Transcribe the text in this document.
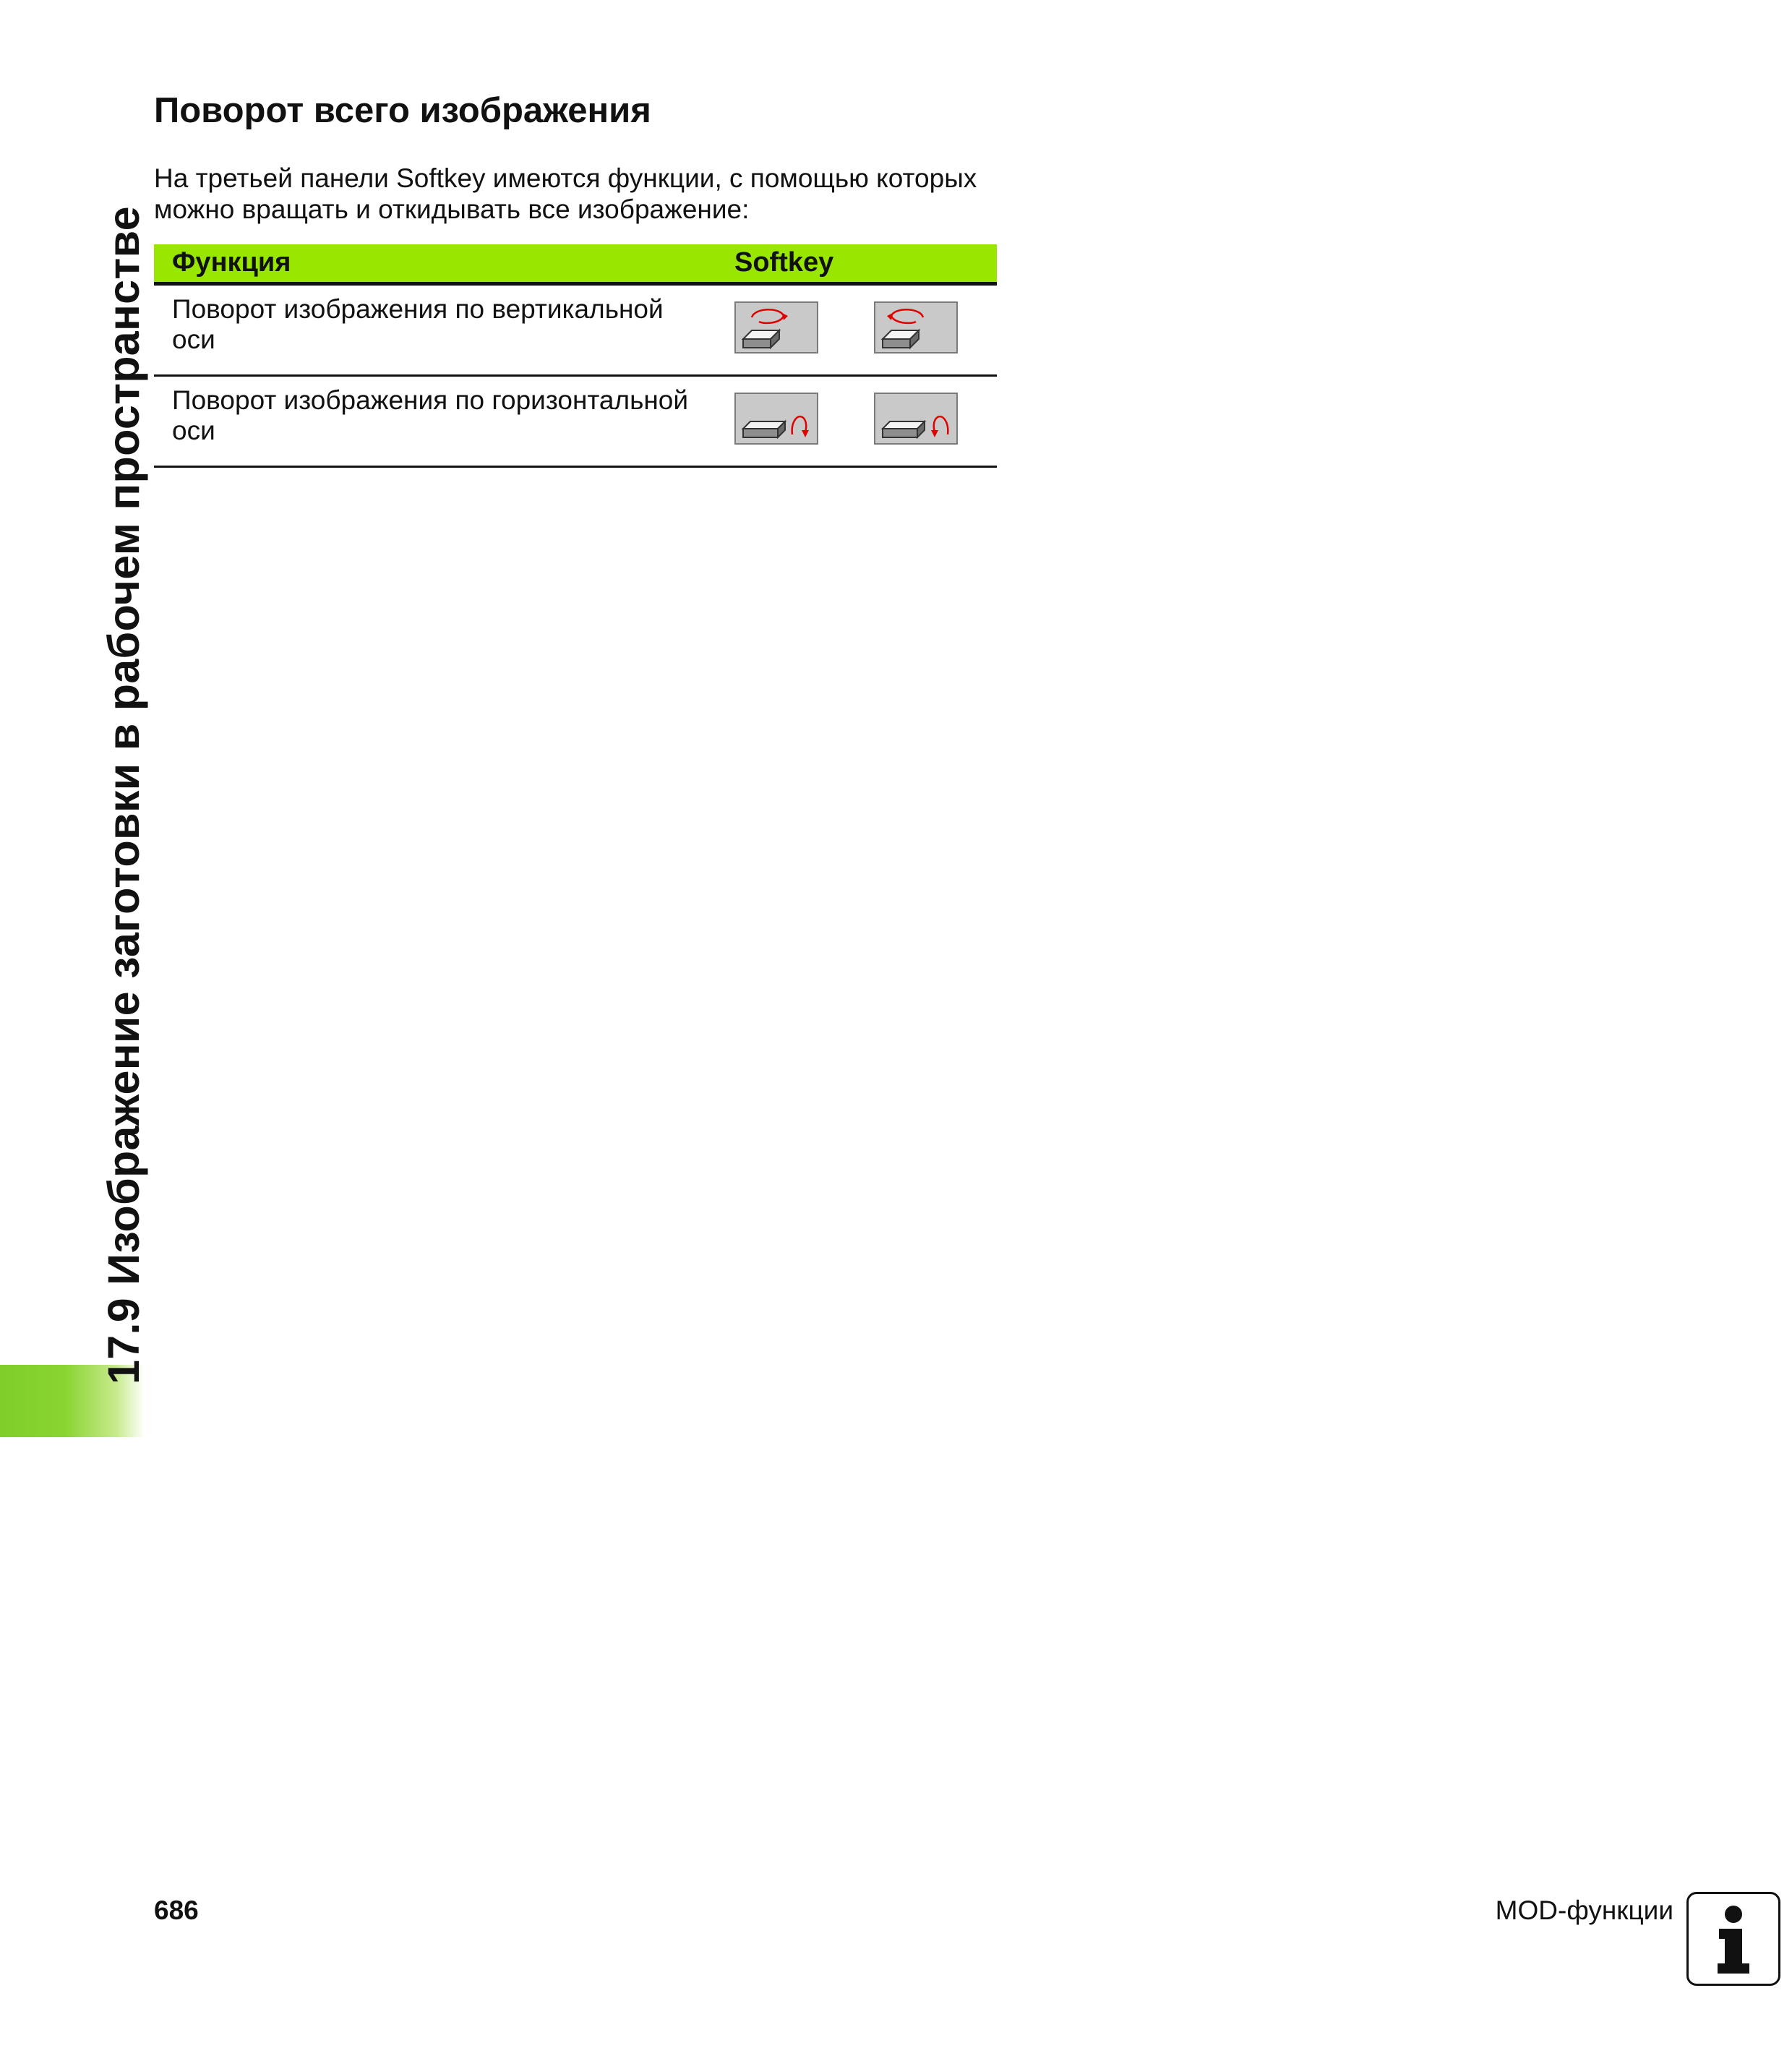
17.9 Изображение заготовки в рабочем пространстве
Поворот всего изображения

На третьей панели Softkey имеются функции, с помощью которых
можно вращать и откидывать все изображение:

Функция	Softkey
Поворот изображения по вертикальной
оси
Поворот изображения по горизонтальной
оси
686	MOD-функции
